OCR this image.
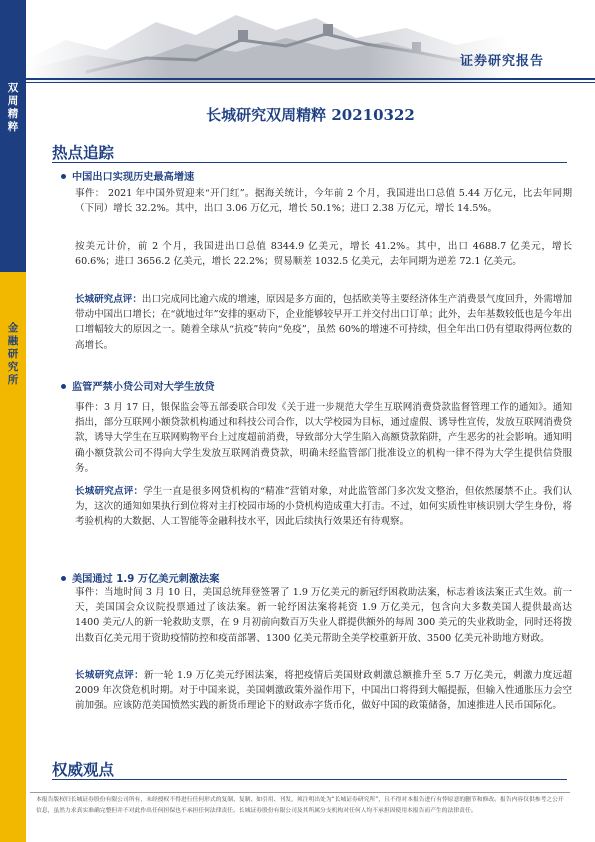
双
周
精
粹
金
融
研
究
所
证券研究报告
长城研究双周精粹 20210322
热点追踪
中国出口实现历史最高增速

事件： 2021 年中国外贸迎来“开门红”。据海关统计，今年前 2 个月，我国进出口总值 5.44 万亿元，比去年同期（下同）增长 32.2%。其中，出口 3.06 万亿元，增长 50.1%；进口 2.38 万亿元，增长 14.5%。

按美元计价，前 2 个月，我国进出口总值 8344.9 亿美元，增长 41.2%。其中，出口 4688.7 亿美元，增长 60.6%；进口 3656.2 亿美元，增长 22.2%；贸易顺差 1032.5 亿美元，去年同期为逆差 72.1 亿美元。

长城研究点评：出口完成同比逾六成的增速，原因是多方面的，包括欧美等主要经济体生产消费景气度回升，外需增加带动中国出口增长；在“就地过年”安排的驱动下，企业能够较早开工并交付出口订单；此外，去年基数较低也是今年出口增幅较大的原因之一。随着全球从“抗疫”转向“免疫”，虽然 60%的增速不可持续，但全年出口仍有望取得两位数的高增长。

监管严禁小贷公司对大学生放贷

事件：3 月 17 日，银保监会等五部委联合印发《关于进一步规范大学生互联网消费贷款监督管理工作的通知》。通知指出，部分互联网小额贷款机构通过和科技公司合作，以大学校园为目标，通过虚假、诱导性宣传，发放互联网消费贷款，诱导大学生在互联网购物平台上过度超前消费，导致部分大学生陷入高额贷款陷阱，产生恶劣的社会影响。通知明确小额贷款公司不得向大学生发放互联网消费贷款，明确未经监管部门批准设立的机构一律不得为大学生提供信贷服务。

长城研究点评：学生一直是很多网贷机构的“精准”营销对象，对此监管部门多次发文整治，但依然屡禁不止。我们认为，这次的通知如果执行到位将对主打校园市场的小贷机构造成重大打击。不过，如何实质性审核识别大学生身份，将考验机构的大数据、人工智能等金融科技水平，因此后续执行效果还有待观察。

美国通过 1.9 万亿美元刺激法案

事件：当地时间 3 月 10 日，美国总统拜登签署了 1.9 万亿美元的新冠纾困救助法案，标志着该法案正式生效。前一天，美国国会众议院投票通过了该法案。新一轮纾困法案将耗资 1.9 万亿美元，包含向大多数美国人提供最高达 1400 美元/人的新一轮救助支票，在 9 月初前向数百万失业人群提供额外的每周 300 美元的失业救助金，同时还将拨出数百亿美元用于资助疫情防控和疫苗部署、1300 亿美元帮助全美学校重新开放、3500 亿美元补助地方财政。

长城研究点评：新一轮 1.9 万亿美元纾困法案，将把疫情后美国财政刺激总额推升至 5.7 万亿美元，刺激力度远超 2009 年次贷危机时期。对于中国来说，美国刺激政策外溢作用下，中国出口将得到大幅提振，但输入性通胀压力会空前加强。应该防范美国愤然实践的新货币理论下的财政赤字货币化，做好中国的政策储备，加速推进人民币国际化。

权威观点
本报告版权归长城证券股份有限公司所有，未经授权不得进行任何形式的复制、复制、如引用、刊发，须注明出处为“长城证券研究所”，且不得对本报告进行有悖原意的删节和修改。报告内容仅供参考之公开信息，虽然力求真实准确完整但并不对此作出任何担保也不承担任何法律责任。长城证券股份有限公司及其所属分支机构对任何人均不承担因使用本报告而产生的法律责任。
